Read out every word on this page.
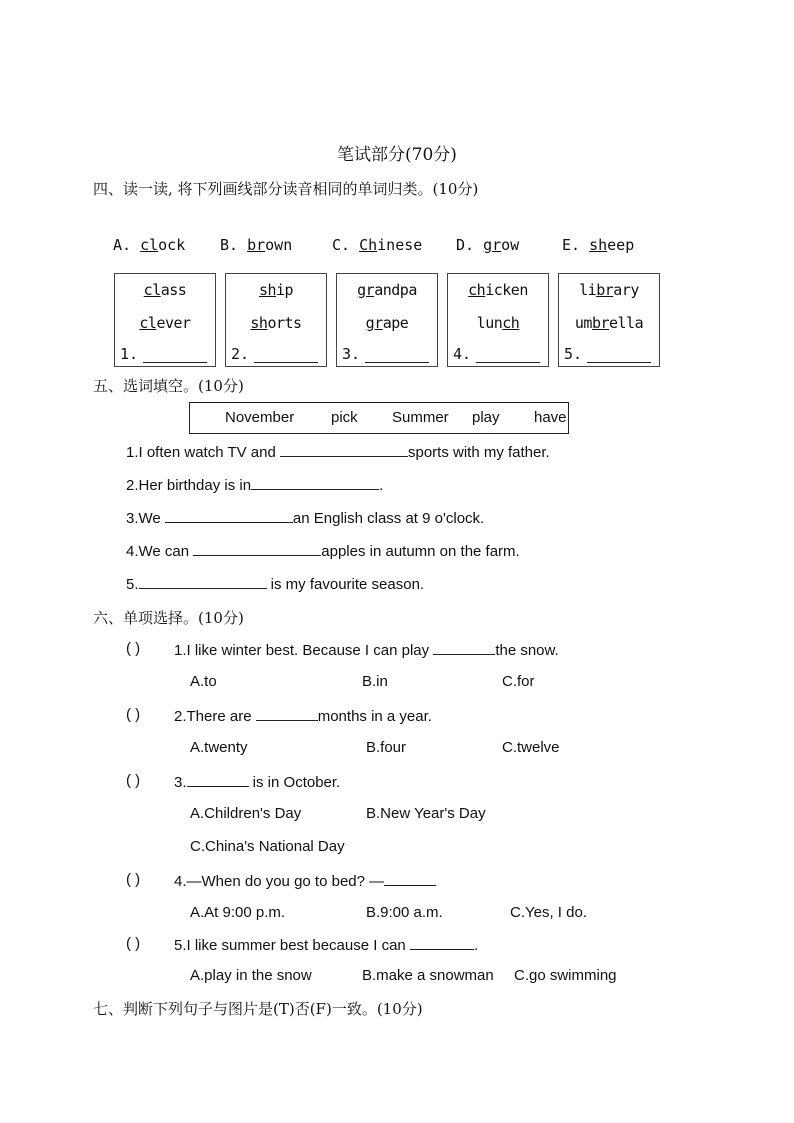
笔试部分(70分)
四、读一读, 将下列画线部分读音相同的单词归类。(10分)
A. clock B. brown	C. Chinese D. grow	E. sheep
class
clever
1.
ship
shorts
2.
grandpa
grape
3.
chicken
lunch
4.
library
umbrella
5.
五、选词填空。(10分)
November pick Summer play have
1.I often watch TV and	sports with my father.
2.Her birthday is in	.
3.We	an English class at 9 o'clock.
4.We can	apples in autumn on the farm.
5.	is my favourite season.
六、单项选择。(10分)
( ) 1.I like winter best. Because I can play	the snow.
A.to	B.in	C.for
( ) 2.There are	months in a year.
A.twenty	B.four	C.twelve
( ) 3.	is in October.
A.Children's Day	B.New Year's Day
C.China's National Day
( ) 4.—When do you go to bed? —
A.At 9:00 p.m.	B.9:00 a.m.	C.Yes, I do.
( ) 5.I like summer best because I can	.
A.play in the snow	B.make a snowman C.go swimming
七、判断下列句子与图片是(T)否(F)一致。(10分)
